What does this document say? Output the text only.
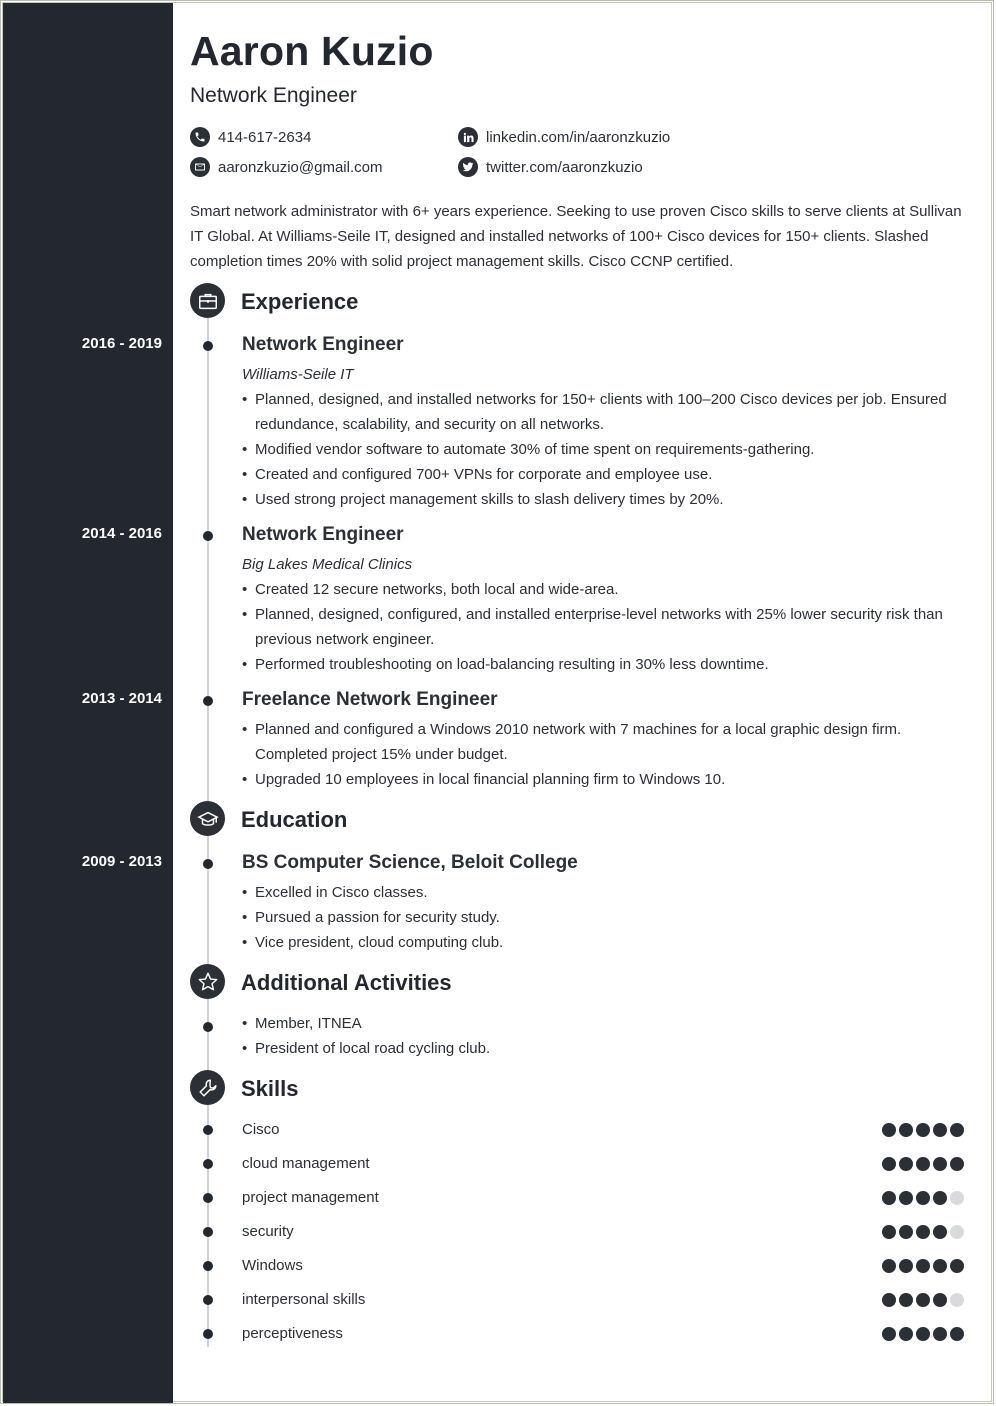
2016 - 2019
2014 - 2016
2013 - 2014
2009 - 2013
Aaron Kuzio
Network Engineer
414-617-2634
aaronzkuzio@gmail.com
linkedin.com/in/aaronzkuzio
twitter.com/aaronzkuzio

Smart network administrator with 6+ years experience. Seeking to use proven Cisco skills to serve clients at Sullivan IT Global. At Williams-Seile IT, designed and installed networks of 100+ Cisco devices for 150+ clients. Slashed completion times 20% with solid project management skills. Cisco CCNP certified.

Experience
Network Engineer
Williams-Seile IT
• Planned, designed, and installed networks for 150+ clients with 100–200 Cisco devices per job. Ensured redundance, scalability, and security on all networks.
• Modified vendor software to automate 30% of time spent on requirements-gathering.
• Created and configured 700+ VPNs for corporate and employee use.
• Used strong project management skills to slash delivery times by 20%.
Network Engineer
Big Lakes Medical Clinics
• Created 12 secure networks, both local and wide-area.
• Planned, designed, configured, and installed enterprise-level networks with 25% lower security risk than previous network engineer.
• Performed troubleshooting on load-balancing resulting in 30% less downtime.
Freelance Network Engineer
• Planned and configured a Windows 2010 network with 7 machines for a local graphic design firm. Completed project 15% under budget.
• Upgraded 10 employees in local financial planning firm to Windows 10.
Education
BS Computer Science, Beloit College
• Excelled in Cisco classes.
• Pursued a passion for security study.
• Vice president, cloud computing club.
Additional Activities
• Member, ITNEA
• President of local road cycling club.
Skills
Cisco
cloud management
project management
security
Windows
interpersonal skills
perceptiveness
